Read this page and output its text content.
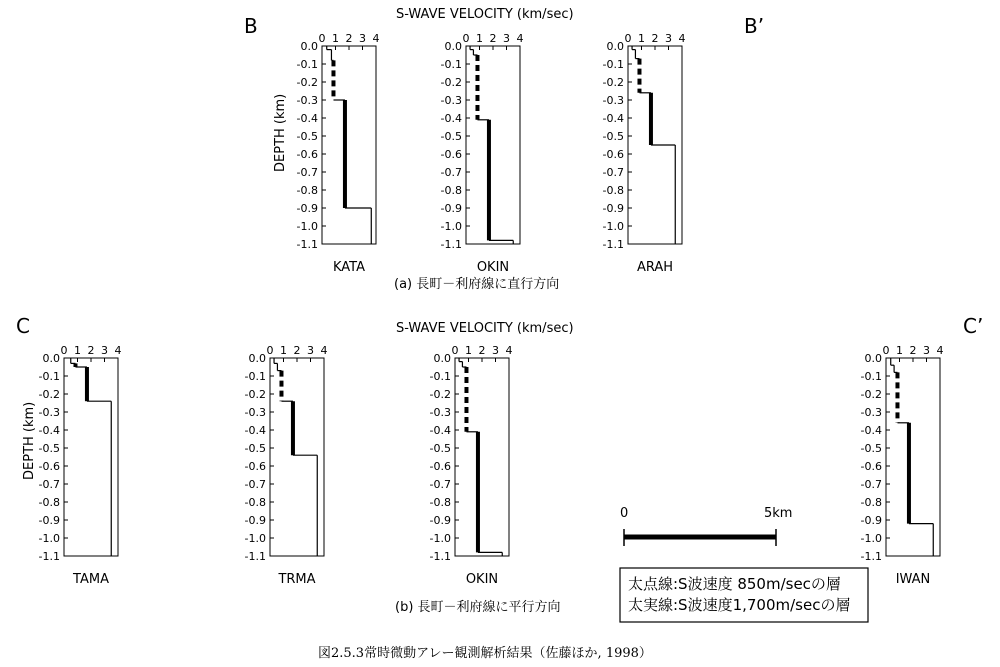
B	B’
S-WAVE VELOCITY (km/sec)
C	C’
S-WAVE VELOCITY (km/sec)
DEPTH (km)
DEPTH (km)
0 1 2 3 4
0.0
-0.1
-0.2
-0.3
-0.4
-0.5
-0.6
-0.7
-0.8
-0.9
-1.0
-1.1
KATA
0 1 2 3 4
0.0
-0.1
-0.2
-0.3
-0.4
-0.5
-0.6
-0.7
-0.8
-0.9
-1.0
-1.1
OKIN
0 1 2 3 4
0.0
-0.1
-0.2
-0.3
-0.4
-0.5
-0.6
-0.7
-0.8
-0.9
-1.0
-1.1
ARAH
0 1 2 3 4
0.0
-0.1
-0.2
-0.3
-0.4
-0.5
-0.6
-0.7
-0.8
-0.9
-1.0
-1.1
TAMA
0 1 2 3 4
0.0
-0.1
-0.2
-0.3
-0.4
-0.5
-0.6
-0.7
-0.8
-0.9
-1.0
-1.1
TRMA
0 1 2 3 4
0.0
-0.1
-0.2
-0.3
-0.4
-0.5
-0.6
-0.7
-0.8
-0.9
-1.0
-1.1
OKIN
0 1 2 3 4
0.0
-0.1
-0.2
-0.3
-0.4
-0.5
-0.6
-0.7
-0.8
-0.9
-1.0
-1.1
IWAN
(a) 長町－利府線に直行方向
(b) 長町－利府線に平行方向
0	5km
太点線:S波速度 850m/secの層
太実線:S波速度1,700m/secの層
図2.5.3常時微動アレー観測解析結果（佐藤ほか, 1998）
